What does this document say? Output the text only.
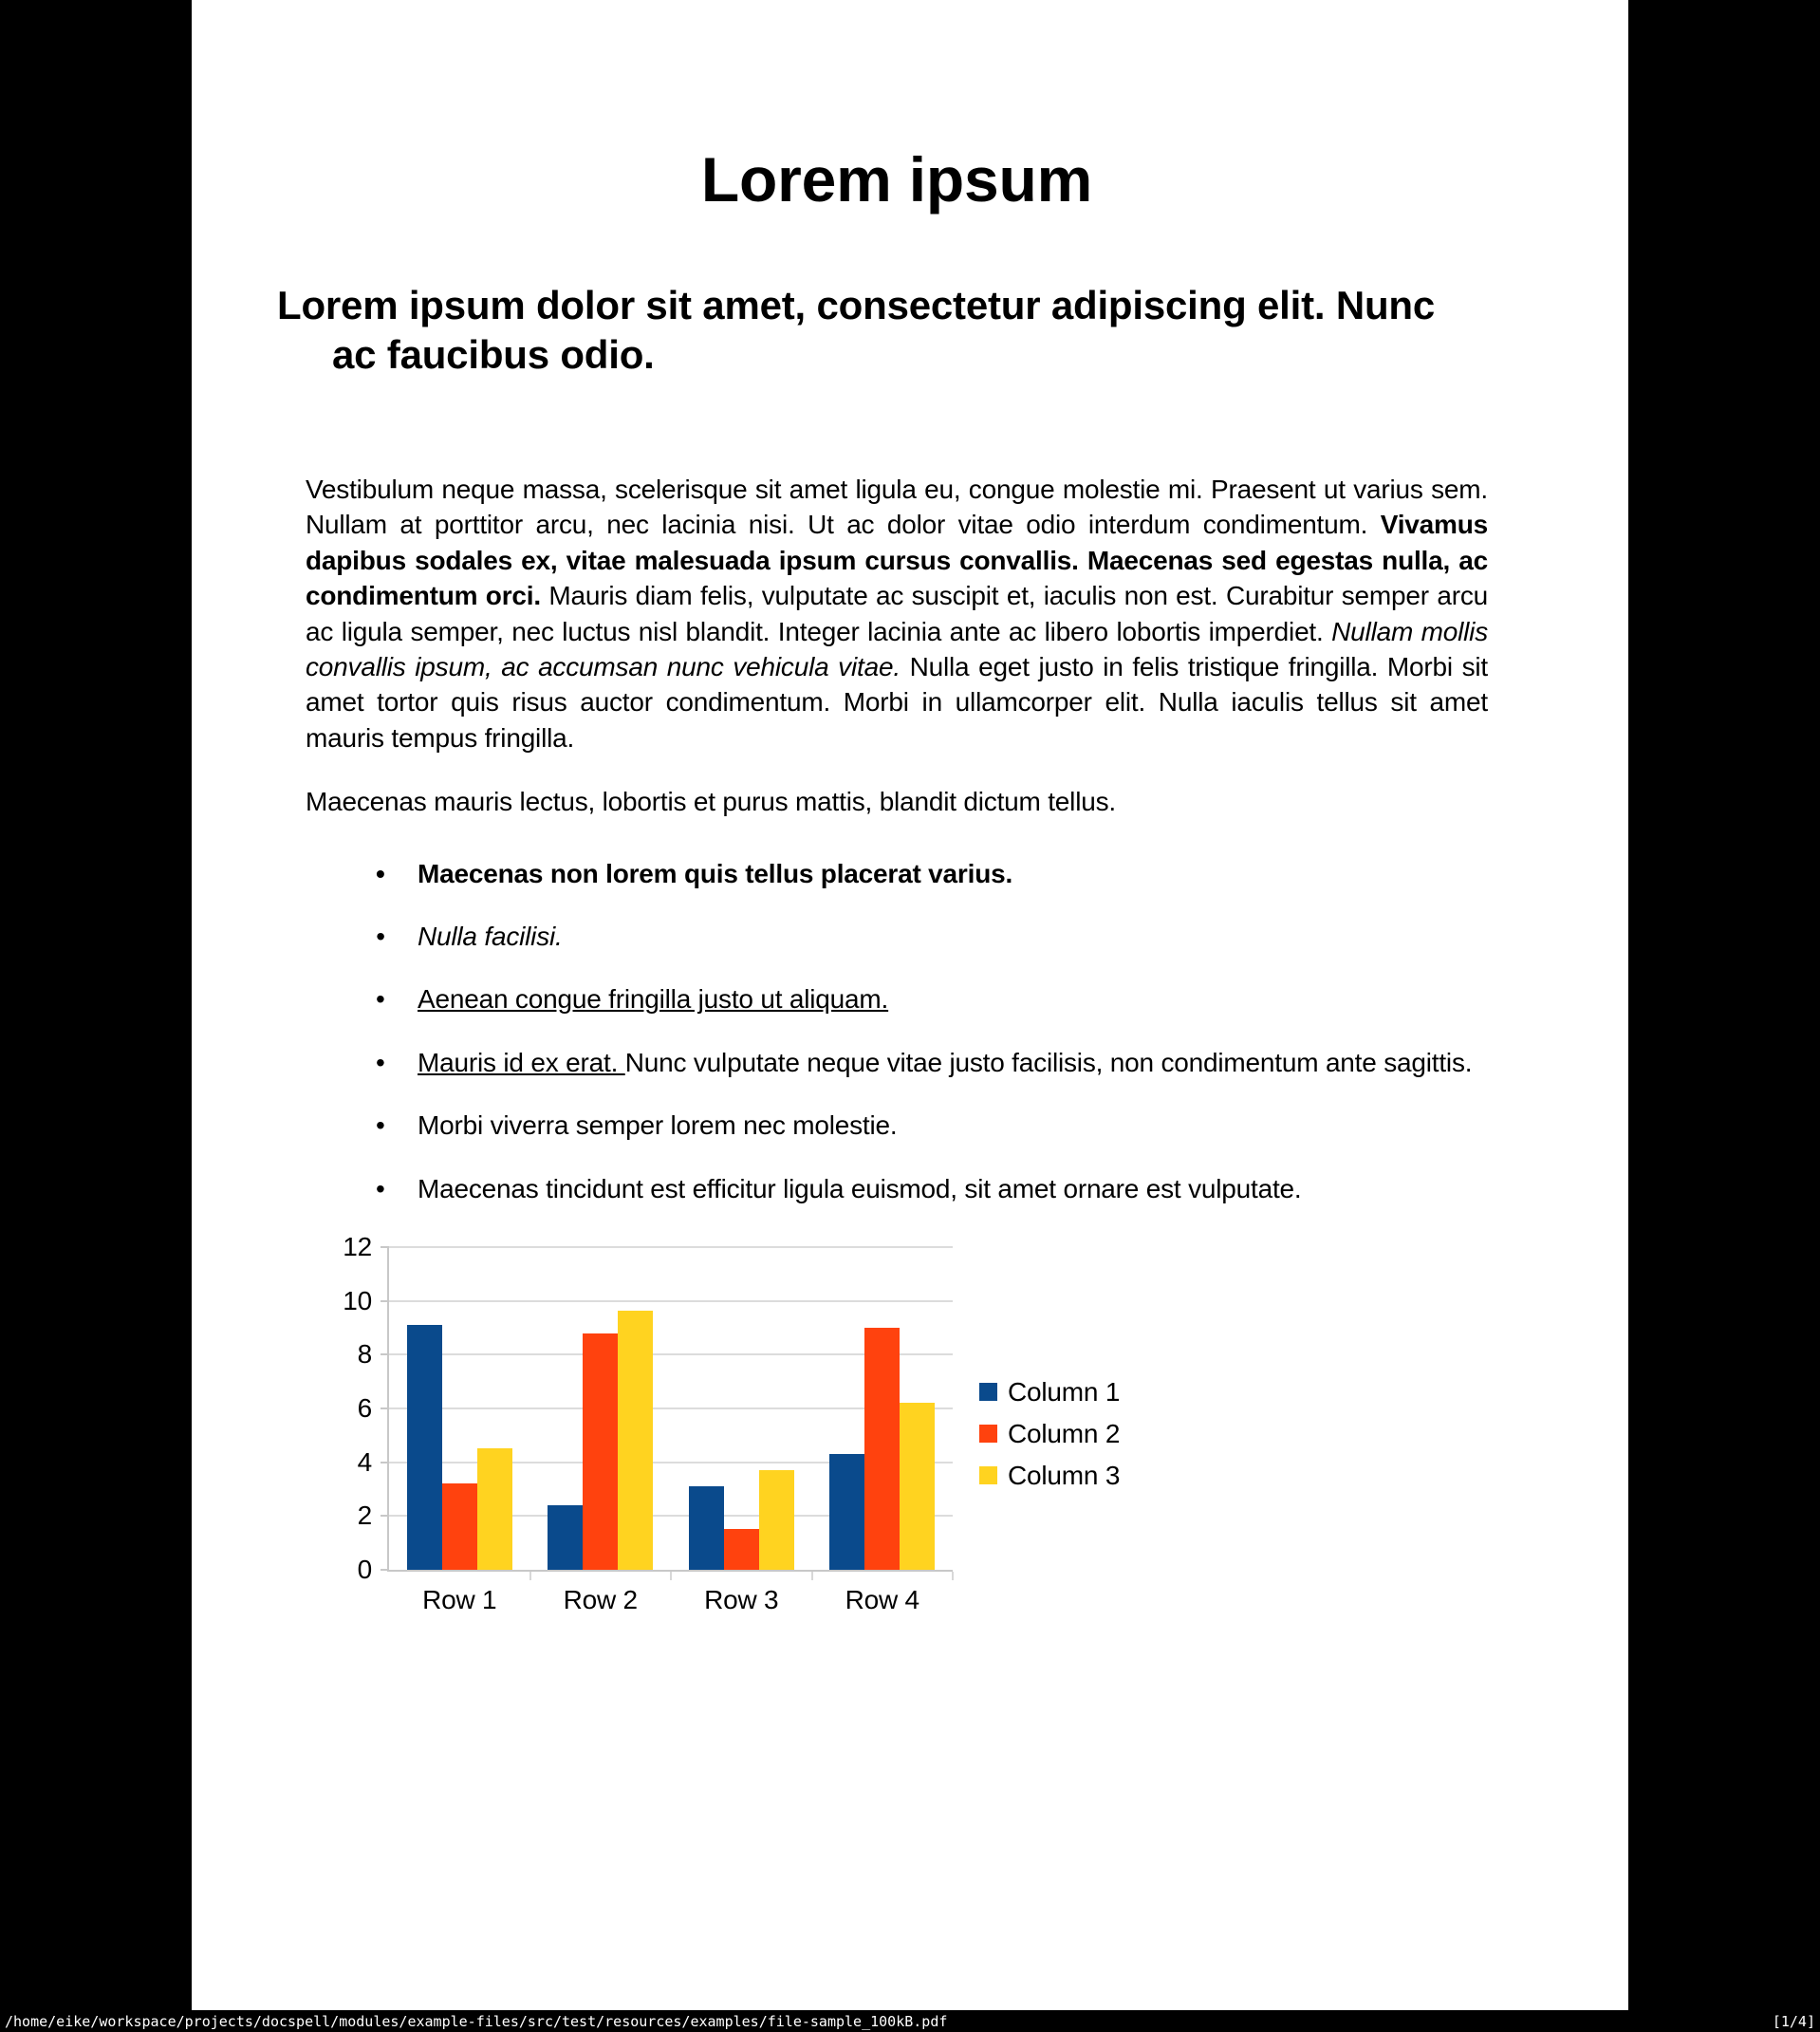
Lorem ipsum
Lorem ipsum dolor sit amet, consectetur adipiscing elit. Nunc ac faucibus odio.

Vestibulum neque massa, scelerisque sit amet ligula eu, congue molestie mi. Praesent ut varius sem. Nullam at porttitor arcu, nec lacinia nisi. Ut ac dolor vitae odio interdum condimentum. Vivamus dapibus sodales ex, vitae malesuada ipsum cursus convallis. Maecenas sed egestas nulla, ac condimentum orci. Mauris diam felis, vulputate ac suscipit et, iaculis non est. Curabitur semper arcu ac ligula semper, nec luctus nisl blandit. Integer lacinia ante ac libero lobortis imperdiet. Nullam mollis convallis ipsum, ac accumsan nunc vehicula vitae. Nulla eget justo in felis tristique fringilla. Morbi sit amet tortor quis risus auctor condimentum. Morbi in ullamcorper elit. Nulla iaculis tellus sit amet mauris tempus fringilla.

Maecenas mauris lectus, lobortis et purus mattis, blandit dictum tellus.

• Maecenas non lorem quis tellus placerat varius.
• Nulla facilisi.
• Aenean congue fringilla justo ut aliquam.
• Mauris id ex erat. Nunc vulputate neque vitae justo facilisis, non condimentum ante sagittis.
• Morbi viverra semper lorem nec molestie.
• Maecenas tincidunt est efficitur ligula euismod, sit amet ornare est vulputate.
0
2
4
6
8
10
12
Row 1	Row 2	Row 3	Row 4
Column 1
Column 2
Column 3
/home/eike/workspace/projects/docspell/modules/example-files/src/test/resources/examples/file-sample_100kB.pdf	[1/4]
